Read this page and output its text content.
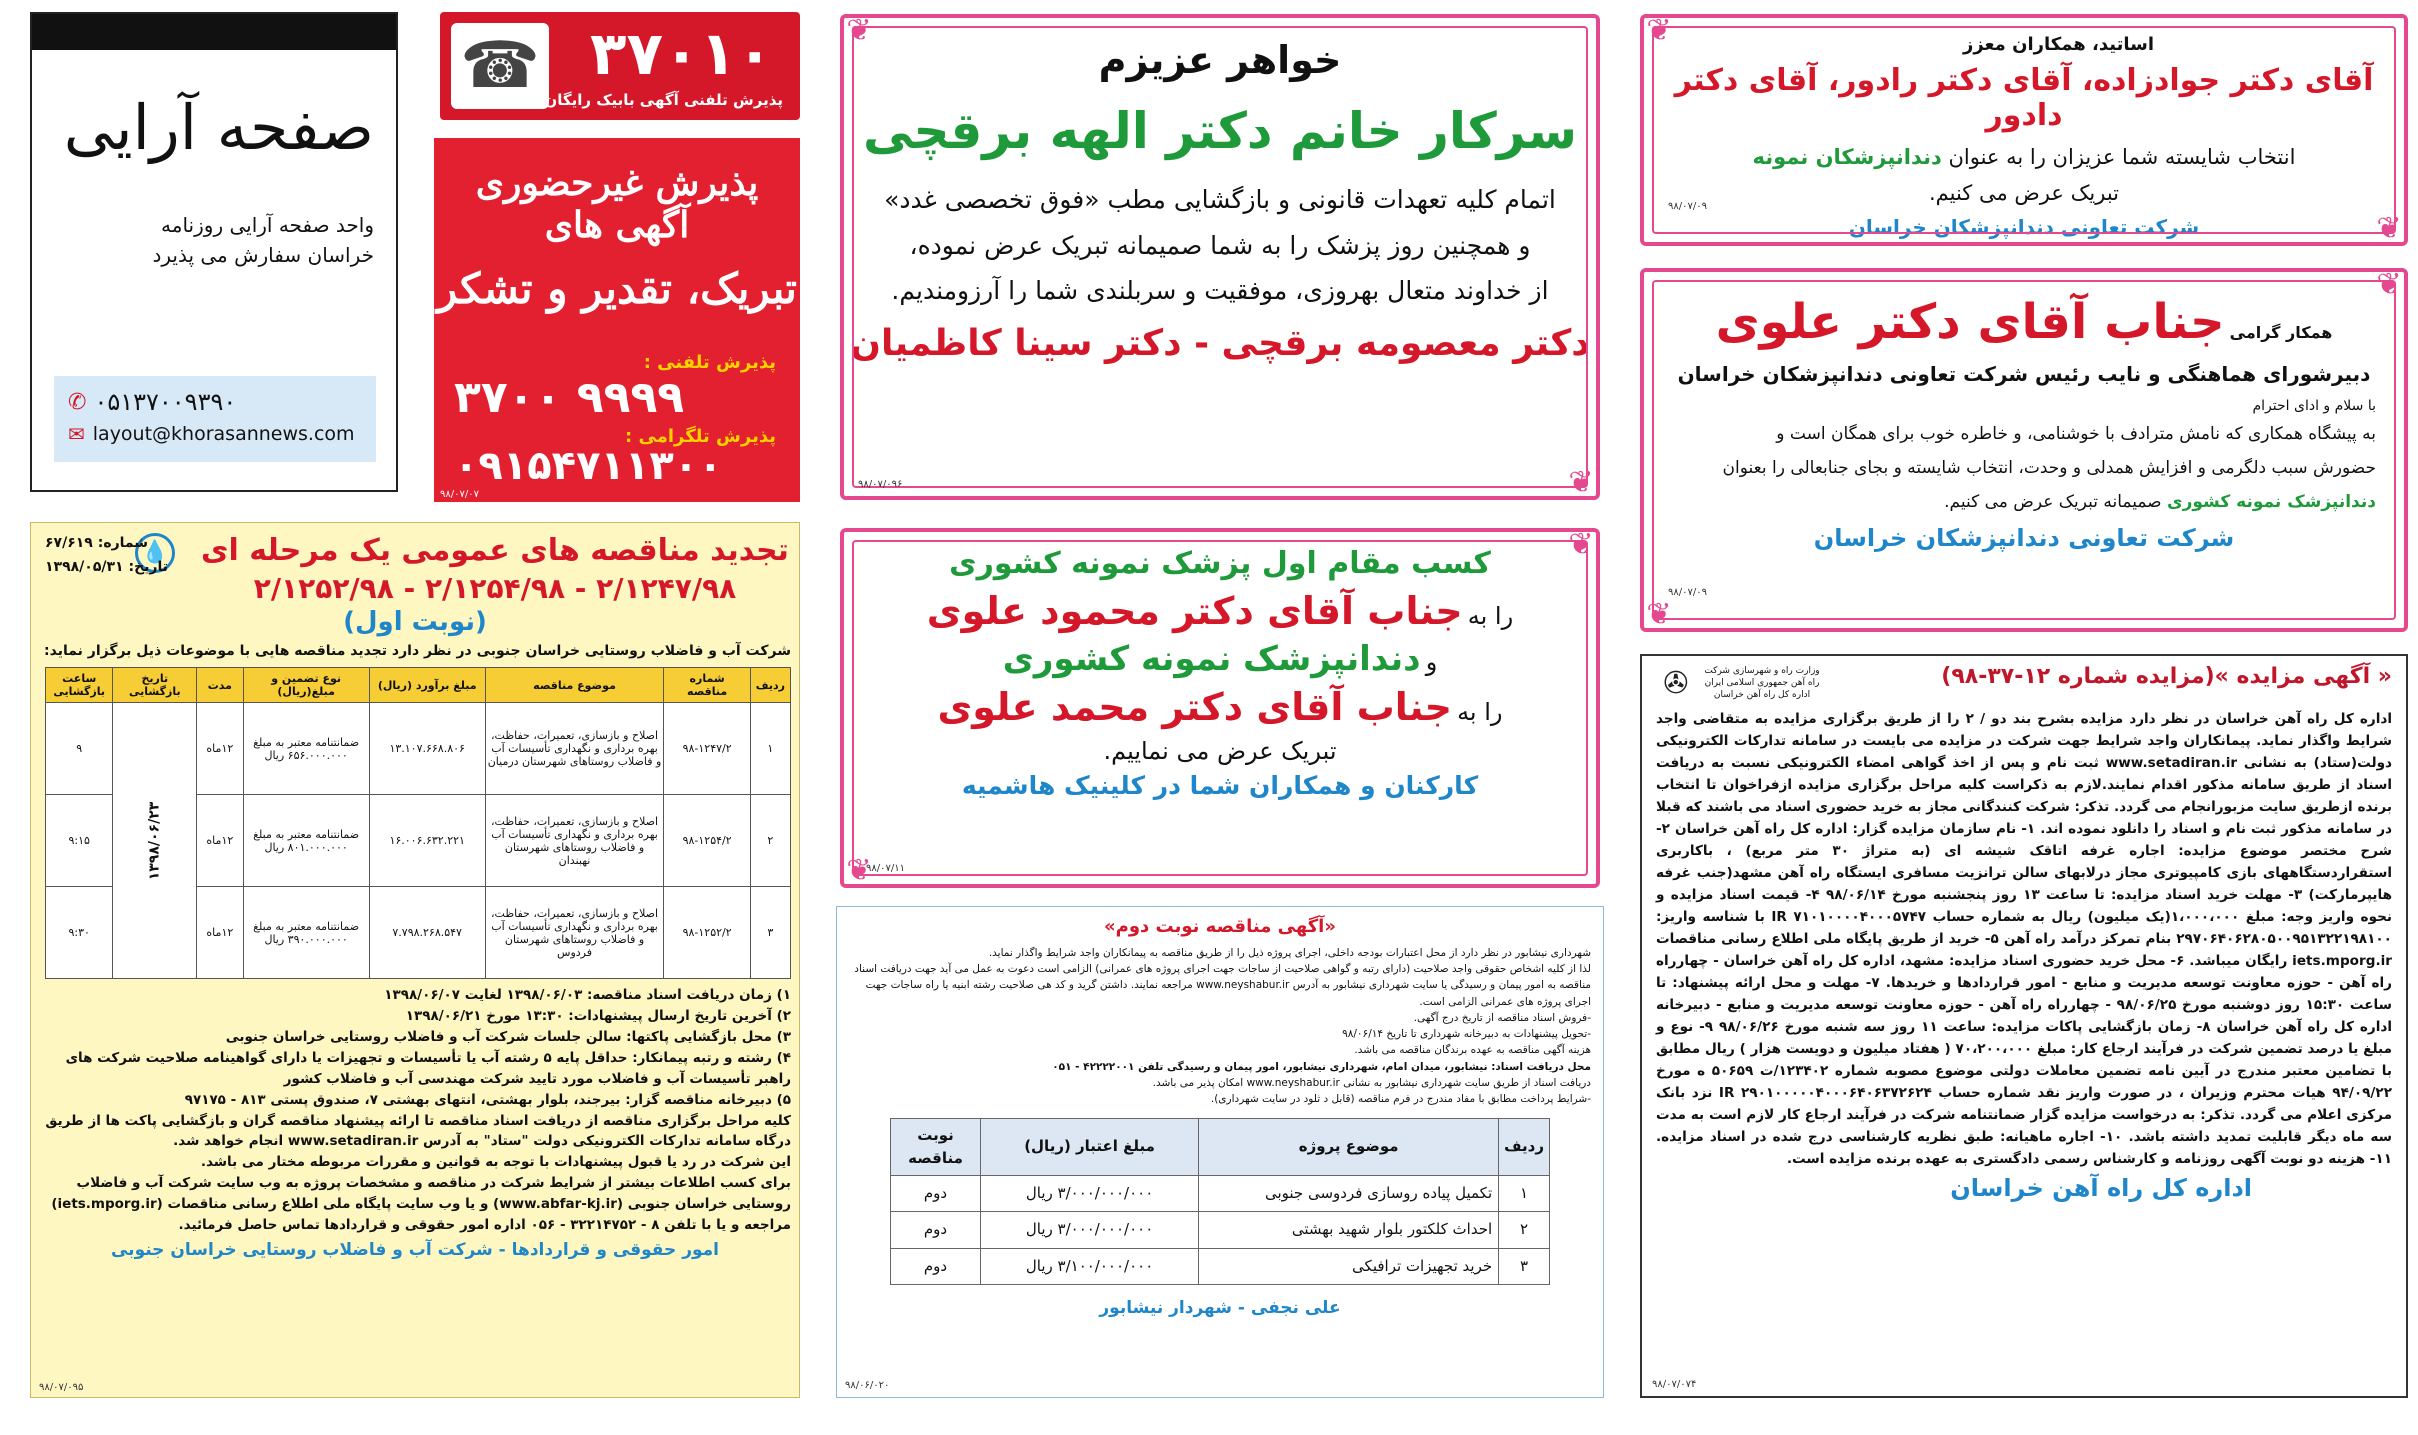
صفحه آرایی
واحد صفحه آرایی روزنامه خراسان سفارش می پذیرد
✆ ۰۵۱۳۷۰۰۹۳۹۰
✉ layout@khorasannews.com
☎ ۳۷۰۱۰
پذیرش تلفنی آگهی بابیک رایگان
پذیرش غیرحضوری آگهی های
تبریک، تقدیر و تشکر
پذیرش تلفنی :
۳۷۰۰ ۹۹۹۹
پذیرش تلگرامی :
۰۹۱۵۴۷۱۱۳۰۰
۹۸/۰۷/۰۷
❦
❦
خواهر عزیزم
سرکار خانم دکتر الهه برقچی
اتمام کلیه تعهدات قانونی و بازگشایی مطب «فوق تخصصی غدد»
و همچنین روز پزشک را به شما صمیمانه تبریک عرض نموده،
از خداوند متعال بهروزی، موفقیت و سربلندی شما را آرزومندیم.
دکتر معصومه برقچی - دکتر سینا کاظمیان
۹۸/۰۷/۰۹۶
❦
❦
اساتید، همکاران معزز
آقای دکتر جوادزاده، آقای دکتر رادور، آقای دکتر دادور
انتخاب شایسته شما عزیزان را به عنوان دندانپزشکان نمونه
تبریک عرض می کنیم.
شرکت تعاونی دندانپزشکان خراسان
۹۸/۰۷/۰۹
❦
❦
همکار گرامی جناب آقای دکتر علوی
دبیرشورای هماهنگی و نایب رئیس شرکت تعاونی دندانپزشکان خراسان
با سلام و ادای احترام
به پیشگاه همکاری که نامش مترادف با خوشنامی، و خاطره خوب برای همگان است و
حضورش سبب دلگرمی و افزایش همدلی و وحدت، انتخاب شایسته و بجای جنابعالی را بعنوان
دندانپزشک نمونه کشوری صمیمانه تبریک عرض می کنیم.
شرکت تعاونی دندانپزشکان خراسان
۹۸/۰۷/۰۹
❦
❦
کسب مقام اول پزشک نمونه کشوری
را به جناب آقای دکتر محمود علوی
و دندانپزشک نمونه کشوری
را به جناب آقای دکتر محمد علوی
تبریک عرض می نماییم.
کارکنان و همکاران شما در کلینیک هاشمیه
۹۸/۰۷/۱۱
💧
شماره: ۶۷/۶۱۹
تاریخ: ۱۳۹۸/۰۵/۳۱	تجدید مناقصه های عمومی یک مرحله ای
۲/۱۲۴۷/۹۸ - ۲/۱۲۵۴/۹۸ - ۲/۱۲۵۲/۹۸
(نوبت اول)
شرکت آب و فاضلاب روستایی خراسان جنوبی در نظر دارد تجدید مناقصه هایی با موضوعات ذیل برگزار نماید:
ردیف	شماره مناقصه	موضوع مناقصه	مبلغ برآورد (ریال)	نوع تضمین و مبلغ(ریال)	مدت	تاریخ بازگشایی	ساعت بازگشایی
۱	۹۸-۱۲۴۷/۲	اصلاح و بازسازی، تعمیرات، حفاظت، بهره برداری و نگهداری تأسیسات آب و فاضلاب روستاهای شهرستان درمیان	۱۳.۱۰۷.۶۶۸.۸۰۶	ضمانتنامه معتبر به مبلغ ۶۵۶.۰۰۰.۰۰۰ ریال	۱۲ماه	۱۳۹۸/۰۶/۲۳	۹
۲	۹۸-۱۲۵۴/۲	اصلاح و بازسازی، تعمیرات، حفاظت، بهره برداری و نگهداری تأسیسات آب و فاضلاب روستاهای شهرستان نهبندان	۱۶.۰۰۶.۶۳۲.۲۲۱	ضمانتنامه معتبر به مبلغ ۸۰۱.۰۰۰.۰۰۰ ریال	۱۲ماه		۹:۱۵
۳	۹۸-۱۲۵۲/۲	اصلاح و بازسازی، تعمیرات، حفاظت، بهره برداری و نگهداری تأسیسات آب و فاضلاب روستاهای شهرستان فردوس	۷.۷۹۸.۲۶۸.۵۴۷	ضمانتنامه معتبر به مبلغ ۳۹۰.۰۰۰.۰۰۰ ریال	۱۲ماه		۹:۳۰
۱) زمان دریافت اسناد مناقصه: ۱۳۹۸/۰۶/۰۳ لغایت ۱۳۹۸/۰۶/۰۷
۲) آخرین تاریخ ارسال پیشنهادات: ۱۳:۳۰ مورخ ۱۳۹۸/۰۶/۲۱
۳) محل بازگشایی پاکتها: سالن جلسات شرکت آب و فاضلاب روستایی خراسان جنوبی
۴) رشته و رتبه پیمانکار: حداقل پایه ۵ رشته آب یا تأسیسات و تجهیزات یا دارای گواهینامه صلاحیت شرکت های راهبر تأسیسات آب و فاضلاب مورد تایید شرکت مهندسی آب و فاضلاب کشور
۵) دبیرخانه مناقصه گزار: بیرجند، بلوار بهشتی، انتهای بهشتی ۷، صندوق پستی ۸۱۳ - ۹۷۱۷۵
کلیه مراحل برگزاری مناقصه از دریافت اسناد مناقصه تا ارائه پیشنهاد مناقصه گران و بازگشایی پاکت ها از طریق درگاه سامانه تدارکات الکترونیکی دولت "ستاد" به آدرس www.setadiran.ir انجام خواهد شد.
این شرکت در رد یا قبول پیشنهادات با توجه به قوانین و مقررات مربوطه مختار می باشد.
برای کسب اطلاعات بیشتر از شرایط شرکت در مناقصه و مشخصات پروژه به وب سایت شرکت آب و فاضلاب روستایی خراسان جنوبی (www.abfar-kj.ir) و یا وب سایت پایگاه ملی اطلاع رسانی مناقصات (iets.mporg.ir) مراجعه و یا با تلفن ۸ - ۳۲۲۱۴۷۵۲ - ۰۵۶ اداره امور حقوقی و قراردادها تماس حاصل فرمائید.
امور حقوقی و قراردادها - شرکت آب و فاضلاب روستایی خراسان جنوبی
۹۸/۰۷/۰۹۵
«آگهی مناقصه نوبت دوم»
شهرداری نیشابور در نظر دارد از محل اعتبارات بودجه داخلی، اجرای پروژه ذیل را از طریق مناقصه به پیمانکاران واجد شرایط واگذار نماید.
لذا از کلیه اشخاص حقوقی واجد صلاحیت (دارای رتبه و گواهی صلاحیت از ساجات جهت اجرای پروژه های عمرانی) الزامی است دعوت به عمل می آید جهت دریافت اسناد مناقصه به امور پیمان و رسیدگی یا سایت شهرداری نیشابور به آدرس www.neyshabur.ir مراجعه نمایند. داشتن گرید و کد هی صلاحیت رشته ابنیه یا راه ساجات جهت اجرای پروژه های عمرانی الزامی است.
-فروش اسناد مناقصه از تاریخ درج آگهی.
-تحویل پیشنهادات به دبیرخانه شهرداری تا تاریخ ۹۸/۰۶/۱۴
هزینه آگهی مناقصه به عهده برندگان مناقصه می باشد.
محل دریافت اسناد: نیشابور، میدان امام، شهرداری نیشابور، امور پیمان و رسیدگی تلفن ۴۲۲۲۲۰۰۱ - ۰۵۱
دریافت اسناد از طریق سایت شهرداری نیشابور به نشانی www.neyshabur.ir امکان پذیر می باشد.
-شرایط پرداخت مطابق با مفاد مندرج در فرم مناقصه (قابل د ثلود در سایت شهرداری).
ردیف	موضوع پروژه	مبلغ اعتبار (ریال)	نوبت مناقصه
۱	تکمیل پیاده روسازی فردوسی جنوبی	۳/۰۰۰/۰۰۰/۰۰۰ ریال	دوم
۲	احداث کلکتور بلوار شهید بهشتی	۳/۰۰۰/۰۰۰/۰۰۰ ریال	دوم
۳	خرید تجهیزات ترافیکی	۳/۱۰۰/۰۰۰/۰۰۰ ریال	دوم
علی نجفی - شهردار نیشابور
۹۸/۰۶/۰۲۰
« آگهی مزایده »(مزایده شماره ۱۲-۳۷-۹۸)
وزارت راه و شهرسازی شرکت راه آهن جمهوری اسلامی ایران اداره کل راه آهن خراسان
✇
اداره کل راه آهن خراسان در نظر دارد مزایده بشرح بند دو / ۲ را از طریق برگزاری مزایده به متقاضی واجد شرایط واگذار نماید. پیمانکاران واجد شرایط جهت شرکت در مزایده می بایست در سامانه تدارکات الکترونیکی دولت(ستاد) به نشانی www.setadiran.ir ثبت نام و پس از اخذ گواهی امضاء الکترونیکی نسبت به دریافت اسناد از طریق سامانه مذکور اقدام نمایند.لازم به ذکراست کلیه مراحل برگزاری مزایده ازفراخوان تا انتخاب برنده ازطریق سایت مزبورانجام می گردد. تذکر: شرکت کنندگانی مجاز به خرید حضوری اسناد می باشند که قبلا در سامانه مذکور ثبت نام و اسناد را دانلود نموده اند. ۱- نام سازمان مزایده گزار: اداره کل راه آهن خراسان ۲- شرح مختصر موضوع مزایده: اجاره غرفه اتاقک شیشه ای (به متراژ ۳۰ متر مربع) ، باکاربری استقراردستگاههای بازی کامپیوتری مجاز درلابهای سالن ترانزیت مسافری ایستگاه راه آهن مشهد(جنب غرفه هایپرمارکت) ۳- مهلت خرید اسناد مزایده: تا ساعت ۱۳ روز پنجشنبه مورخ ۹۸/۰۶/۱۴ ۴- قیمت اسناد مزایده و نحوه واریز وجه: مبلغ ۱،۰۰۰،۰۰۰(یک میلیون) ریال به شماره حساب IR ۷۱۰۱۰۰۰۰۴۰۰۰۵۷۴۷ با شناسه واریز: ۲۹۷۰۶۴۰۶۲۸۰۵۰۰۹۵۱۳۲۲۱۹۸۱۰۰ بنام تمرکز درآمد راه آهن ۵- خرید از طریق پایگاه ملی اطلاع رسانی مناقصات iets.mporg.ir رایگان میباشد. ۶- محل خرید حضوری اسناد مزایده: مشهد، اداره کل راه آهن خراسان - چهارراه راه آهن - حوزه معاونت توسعه مدیریت و منابع - امور قراردادها و خریدها. ۷- مهلت و محل ارائه پیشنهاد: تا ساعت ۱۵:۳۰ روز دوشنبه مورخ ۹۸/۰۶/۲۵ - چهارراه راه آهن - حوزه معاونت توسعه مدیریت و منابع - دبیرخانه اداره کل راه آهن خراسان ۸- زمان بازگشایی پاکات مزایده: ساعت ۱۱ روز سه شنبه مورخ ۹۸/۰۶/۲۶ ۹- نوع و مبلغ یا درصد تضمین شرکت در فرآیند ارجاع کار: مبلغ ۷۰،۲۰۰،۰۰۰ ( هفتاد میلیون و دویست هزار ) ریال مطابق با تضامین معتبر مندرج در آیین نامه تضمین معاملات دولتی موضوع مصوبه شماره ۱۲۳۴۰۲/ت ۵۰۶۵۹ ه مورخ ۹۴/۰۹/۲۲ هیات محترم وزیران ، در صورت واریز نقد شماره حساب IR ۲۹۰۱۰۰۰۰۰۴۰۰۰۶۴۰۶۳۷۲۶۲۴ نزد بانک مرکزی اعلام می گردد. تذکر: به درخواست مزایده گزار ضمانتنامه شرکت در فرآیند ارجاع کار لازم است به مدت سه ماه دیگر قابلیت تمدید داشته باشد. ۱۰- اجاره ماهیانه: طبق نظریه کارشناسی درج شده در اسناد مزایده. ۱۱- هزینه دو نوبت آگهی روزنامه و کارشناس رسمی دادگستری به عهده برنده مزایده است.
اداره کل راه آهن خراسان
۹۸/۰۷/۰۷۴
